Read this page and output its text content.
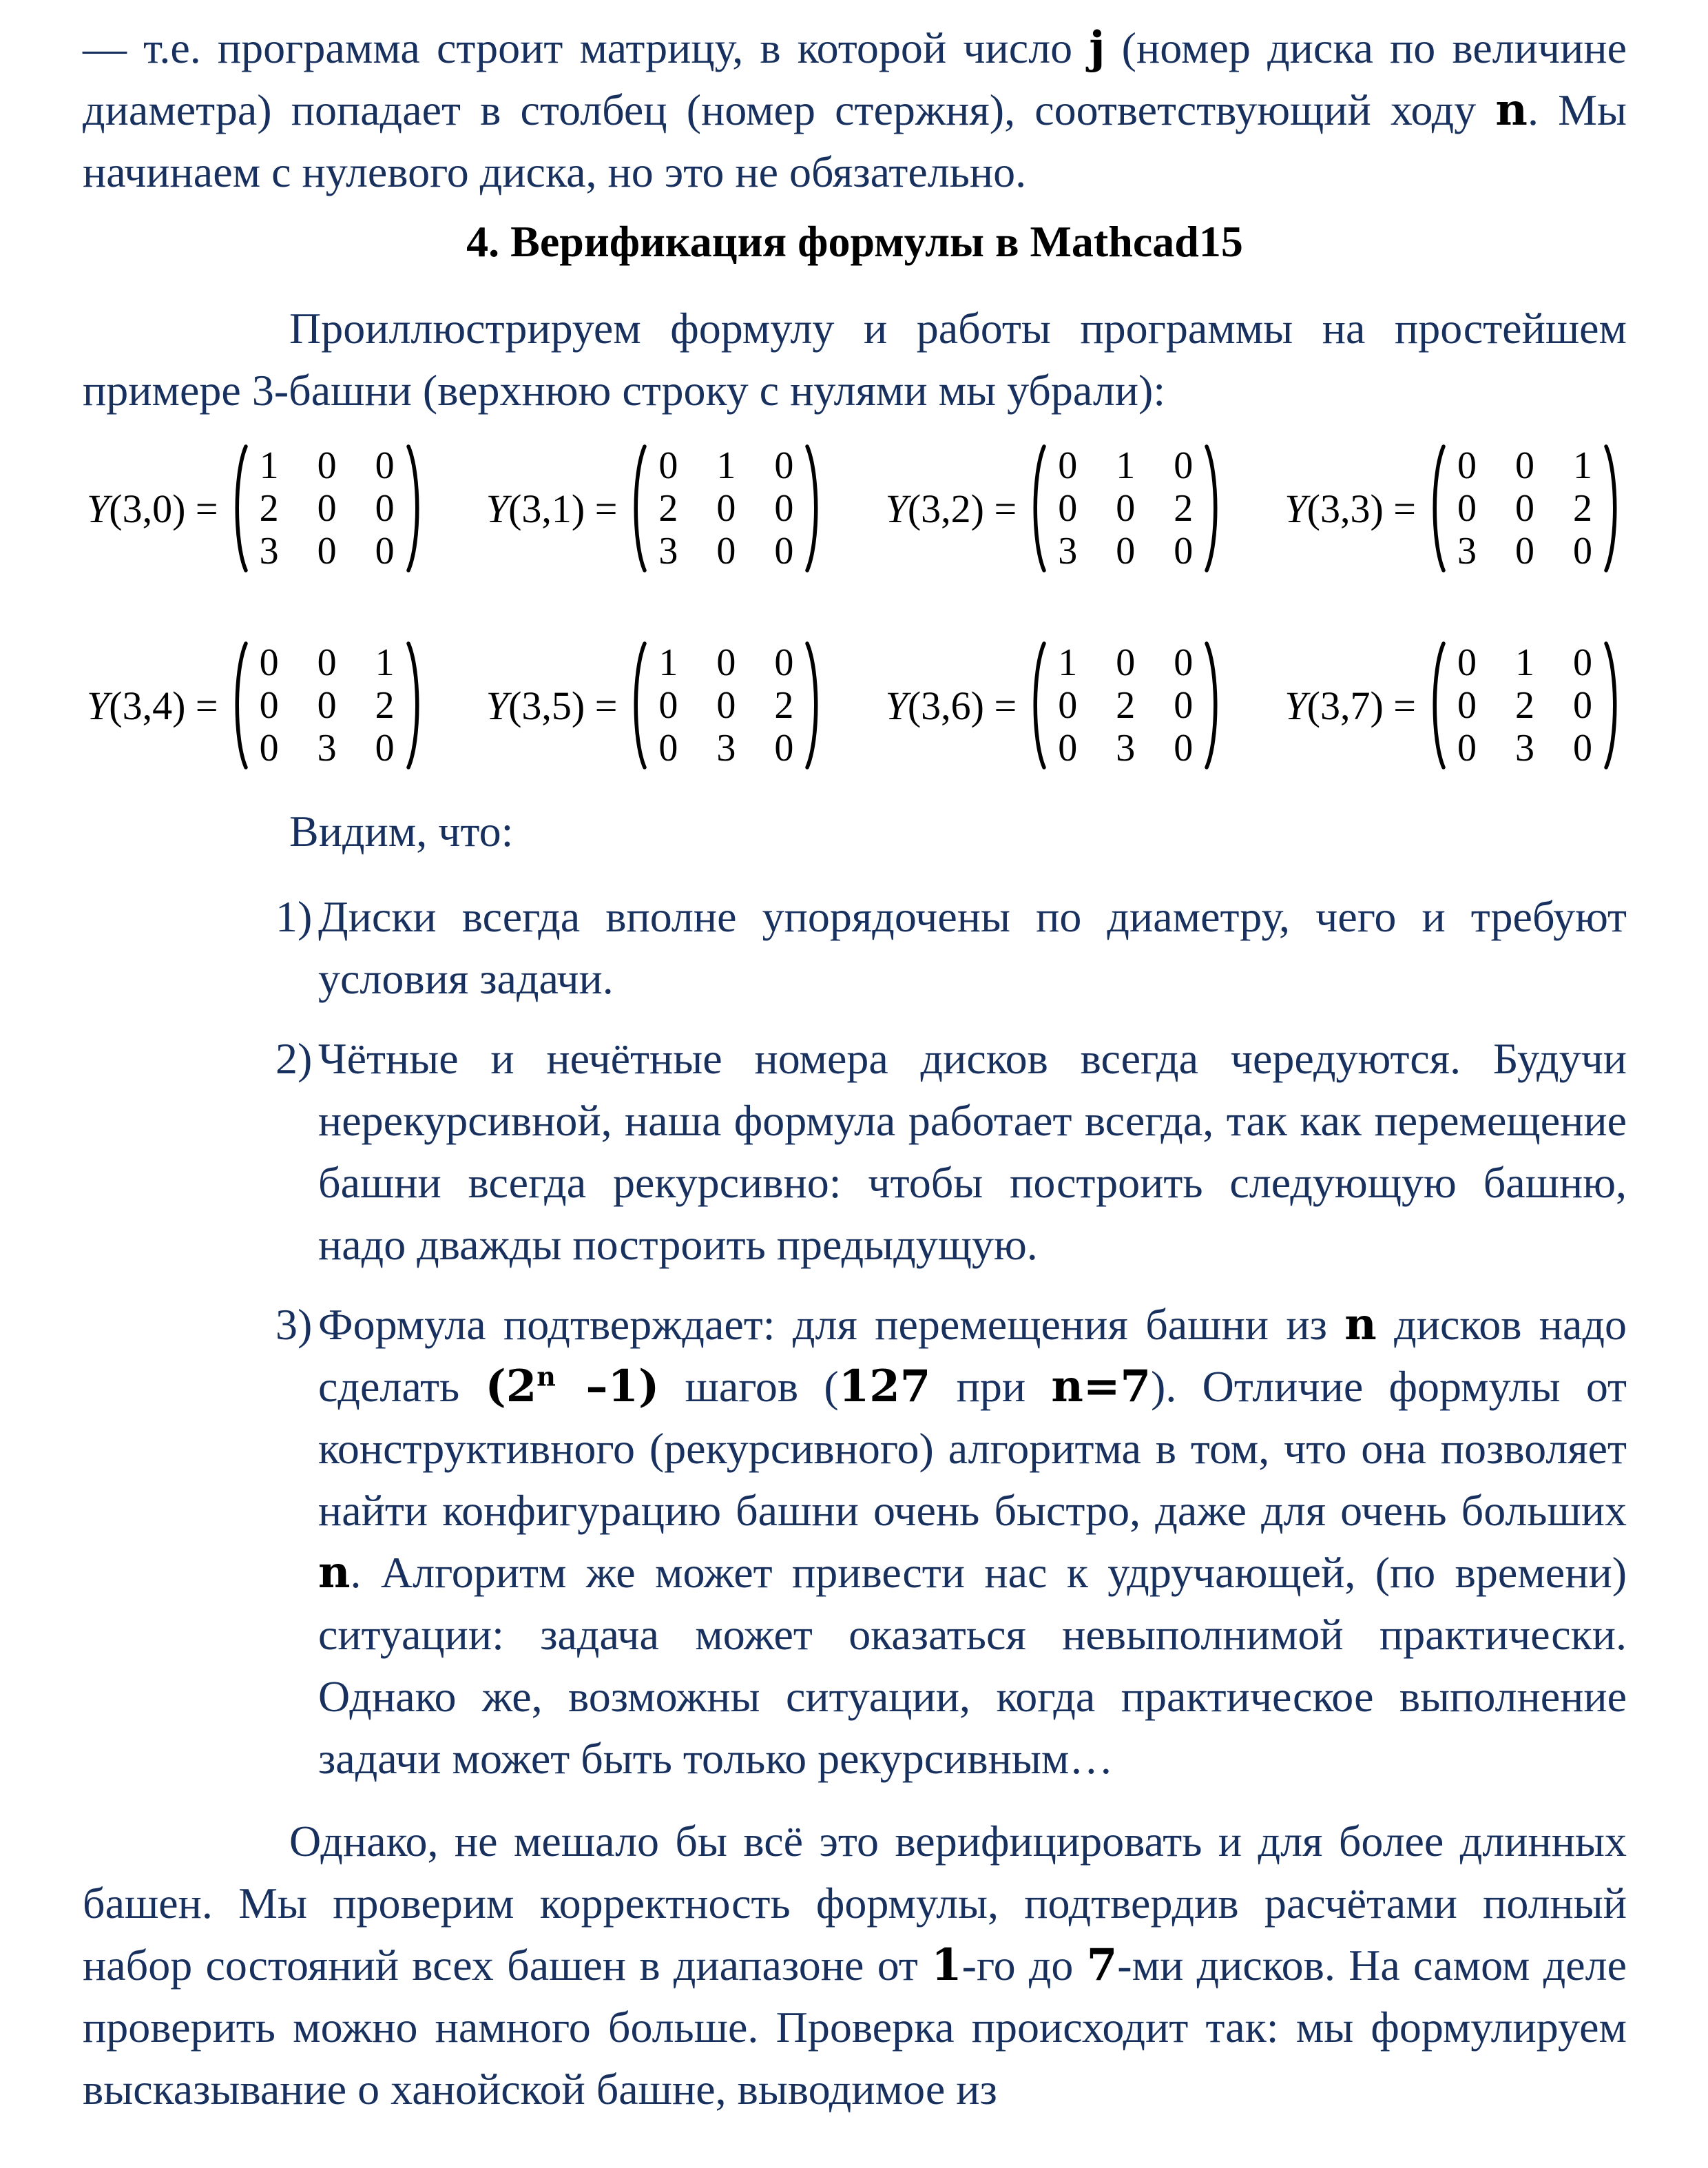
— т.е. программа строит матрицу, в которой число j (номер диска по величине диаметра) попадает в столбец (номер стержня), соответствующий ходу n. Мы начинаем с нулевого диска, но это не обязательно.

4. Верификация формулы в Mathcad15

Проиллюстрируем формулу и работы программы на простейшем примере 3-башни (верхнюю строку с нулями мы убрали):

Y(3,0) =
1 0 0
2 0 0
3 0 0
Y(3,1) =
0 1 0
2 0 0
3 0 0
Y(3,2) =
0 1 0
0 0 2
3 0 0
Y(3,3) =
0 0 1
0 0 2
3 0 0
Y(3,4) =
0 0 1
0 0 2
0 3 0
Y(3,5) =
1 0 0
0 0 2
0 3 0
Y(3,6) =
1 0 0
0 2 0
0 3 0
Y(3,7) =
0 1 0
0 2 0
0 3 0

Видим, что:

1) Диски всегда вполне упорядочены по диаметру, чего и требуют условия задачи.
2) Чётные и нечётные номера дисков всегда чередуются. Будучи нерекурсивной, наша формула работает всегда, так как перемещение башни всегда рекурсивно: чтобы построить следующую башню, надо дважды построить предыдущую.
3) Формула подтверждает: для перемещения башни из n дисков надо сделать (2$^n$ –1) шагов (127 при n=7). Отличие формулы от конструктивного (рекурсивного) алгоритма в том, что она позволяет найти конфигурацию башни очень быстро, даже для очень больших n. Алгоритм же может привести нас к удручающей, (по времени) ситуации: задача может оказаться невыполнимой практически. Однако же, возможны ситуации, когда практическое выполнение задачи может быть только рекурсивным…

Однако, не мешало бы всё это верифицировать и для более длинных башен. Мы проверим корректность формулы, подтвердив расчётами полный набор состояний всех башен в диапазоне от 1-го до 7-ми дисков. На самом деле проверить можно намного больше. Проверка происходит так: мы формулируем высказывание о ханойской башне, выводимое из
